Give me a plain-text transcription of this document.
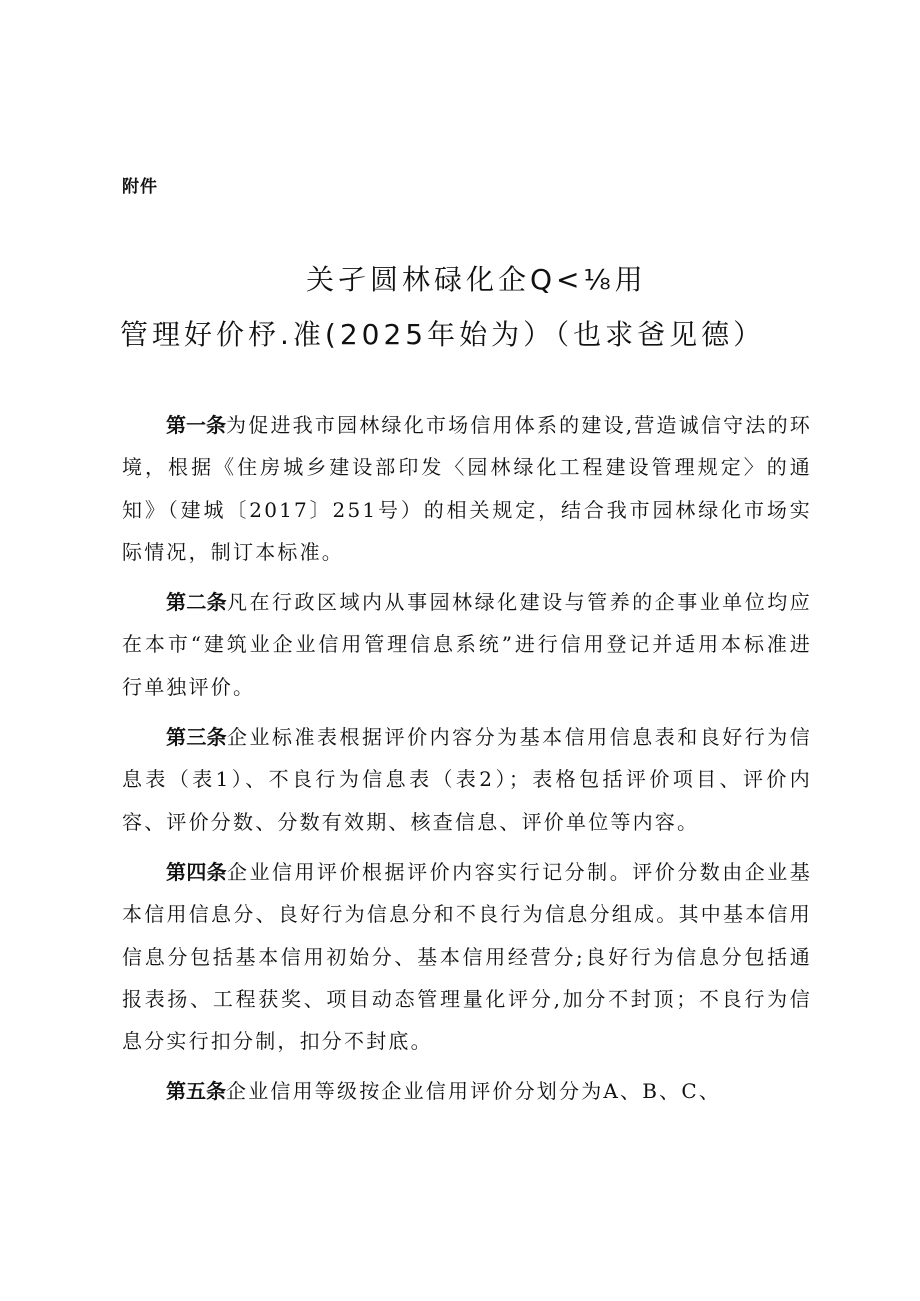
附件
关孑圆林碌化企Q<⅛用
管理好价杼.准(2025年始为）（也求爸见德）

第一条为促进我市园林绿化市场信用体系的建设,营造诚信守法的环境，根据《住房城乡建设部印发〈园林绿化工程建设管理规定〉的通知》（建城〔2017〕251号）的相关规定，结合我市园林绿化市场实际情况，制订本标准。

第二条凡在行政区域内从事园林绿化建设与管养的企事业单位均应在本市“建筑业企业信用管理信息系统”进行信用登记并适用本标准进行单独评价。

第三条企业标准表根据评价内容分为基本信用信息表和良好行为信息表（表1）、不良行为信息表（表2）；表格包括评价项目、评价内容、评价分数、分数有效期、核查信息、评价单位等内容。

第四条企业信用评价根据评价内容实行记分制。评价分数由企业基本信用信息分、良好行为信息分和不良行为信息分组成。其中基本信用信息分包括基本信用初始分、基本信用经营分;良好行为信息分包括通报表扬、工程获奖、项目动态管理量化评分,加分不封顶；不良行为信息分实行扣分制，扣分不封底。

第五条企业信用等级按企业信用评价分划分为A、B、C、
